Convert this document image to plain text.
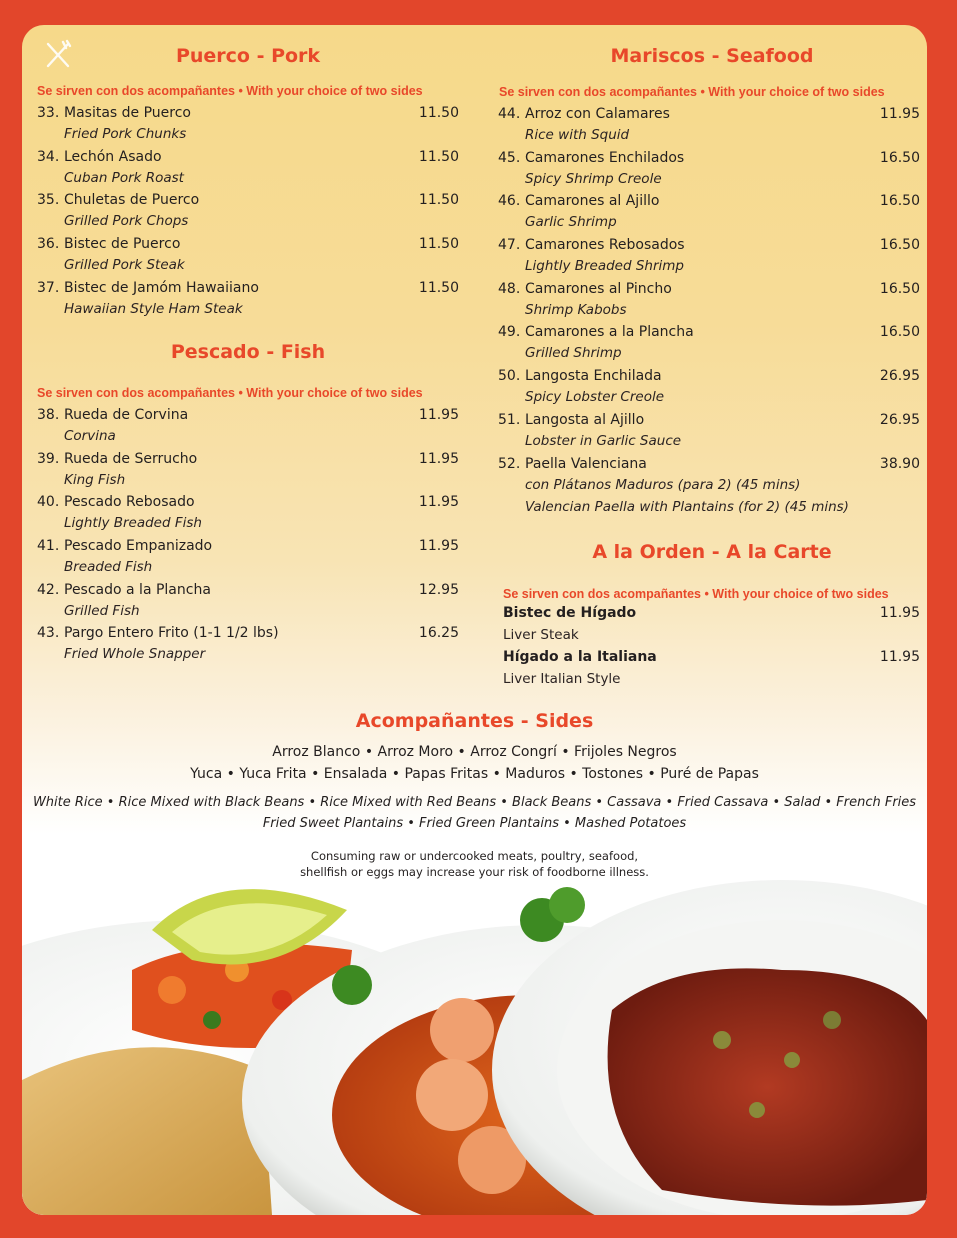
Puerco - Pork
Se sirven con dos acompañantes • With your choice of two sides
33. Masitas de Puerco	11.50
Fried Pork Chunks
34. Lechón Asado	11.50
Cuban Pork Roast
35. Chuletas de Puerco	11.50
Grilled Pork Chops
36. Bistec de Puerco	11.50
Grilled Pork Steak
37. Bistec de Jamóm Hawaiiano	11.50
Hawaiian Style Ham Steak
Pescado - Fish
Se sirven con dos acompañantes • With your choice of two sides
38. Rueda de Corvina	11.95
Corvina
39. Rueda de Serrucho	11.95
King Fish
40. Pescado Rebosado	11.95
Lightly Breaded Fish
41. Pescado Empanizado	11.95
Breaded Fish
42. Pescado a la Plancha	12.95
Grilled Fish
43. Pargo Entero Frito (1-1 1/2 lbs)	16.25
Fried Whole Snapper
Mariscos - Seafood
Se sirven con dos acompañantes • With your choice of two sides
44. Arroz con Calamares	11.95
Rice with Squid
45. Camarones Enchilados	16.50
Spicy Shrimp Creole
46. Camarones al Ajillo	16.50
Garlic Shrimp
47. Camarones Rebosados	16.50
Lightly Breaded Shrimp
48. Camarones al Pincho	16.50
Shrimp Kabobs
49. Camarones a la Plancha	16.50
Grilled Shrimp
50. Langosta Enchilada	26.95
Spicy Lobster Creole
51. Langosta al Ajillo	26.95
Lobster in Garlic Sauce
52. Paella Valenciana	38.90
con Plátanos Maduros (para 2) (45 mins)
Valencian Paella with Plantains (for 2) (45 mins)
A la Orden - A la Carte
Se sirven con dos acompañantes • With your choice of two sides
Bistec de Hígado	11.95
Liver Steak
Hígado a la Italiana	11.95
Liver Italian Style
Acompañantes - Sides
Arroz Blanco • Arroz Moro • Arroz Congrí • Frijoles Negros
Yuca • Yuca Frita • Ensalada • Papas Fritas • Maduros • Tostones • Puré de Papas
White Rice • Rice Mixed with Black Beans • Rice Mixed with Red Beans • Black Beans • Cassava • Fried Cassava • Salad • French Fries
Fried Sweet Plantains • Fried Green Plantains • Mashed Potatoes
Consuming raw or undercooked meats, poultry, seafood,
shellfish or eggs may increase your risk of foodborne illness.
